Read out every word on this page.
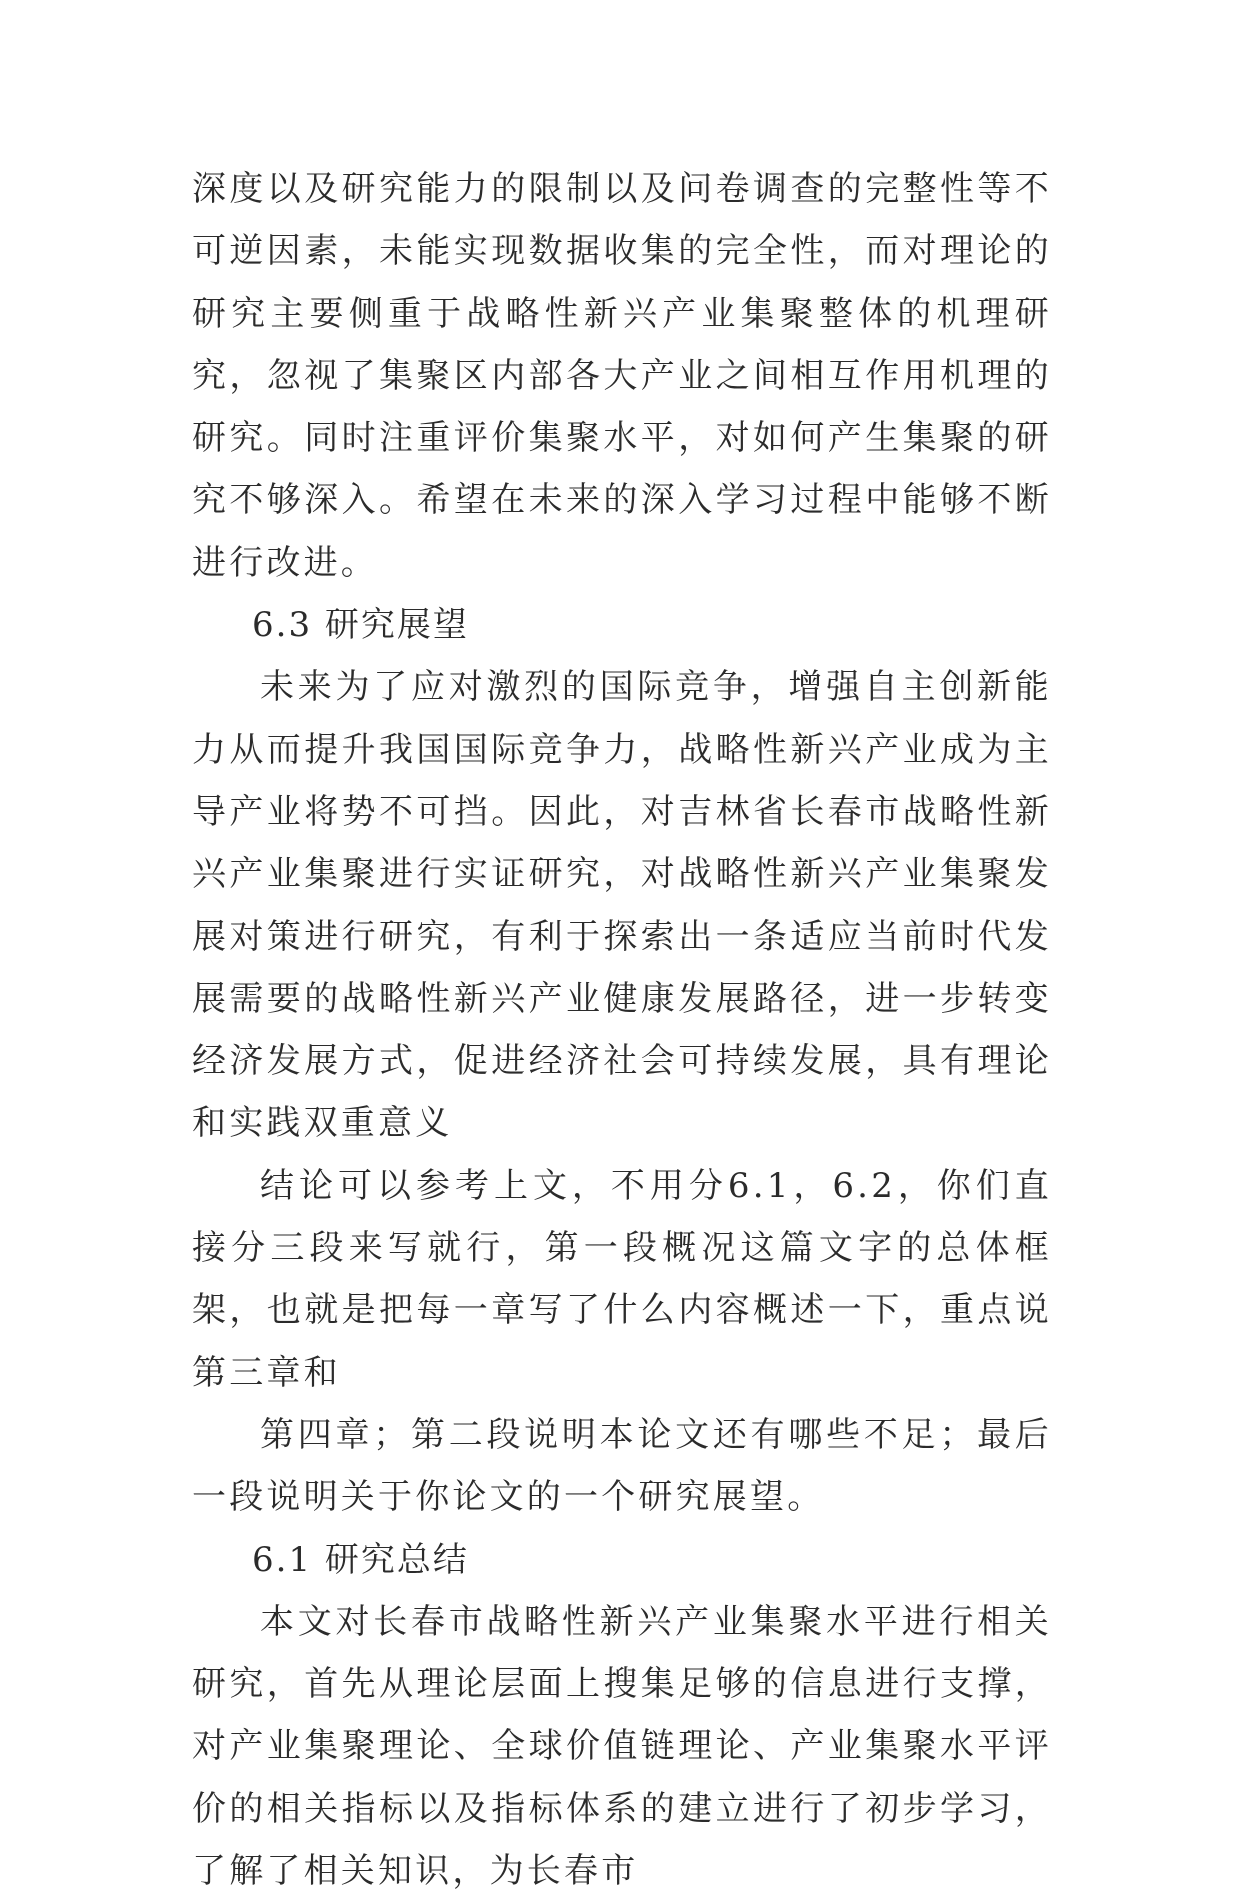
深度以及研究能力的限制以及问卷调查的完整性等不可逆因素，未能实现数据收集的完全性，而对理论的研究主要侧重于战略性新兴产业集聚整体的机理研究，忽视了集聚区内部各大产业之间相互作用机理的研究。同时注重评价集聚水平，对如何产生集聚的研究不够深入。希望在未来的深入学习过程中能够不断进行改进。

6.3 研究展望

未来为了应对激烈的国际竞争，增强自主创新能力从而提升我国国际竞争力，战略性新兴产业成为主导产业将势不可挡。因此，对吉林省长春市战略性新兴产业集聚进行实证研究，对战略性新兴产业集聚发展对策进行研究，有利于探索出一条适应当前时代发展需要的战略性新兴产业健康发展路径，进一步转变经济发展方式，促进经济社会可持续发展，具有理论和实践双重意义

结论可以参考上文，不用分6.1，6.2，你们直接分三段来写就行，第一段概况这篇文字的总体框架，也就是把每一章写了什么内容概述一下，重点说第三章和

第四章；第二段说明本论文还有哪些不足；最后一段说明关于你论文的一个研究展望。

6.1 研究总结

本文对长春市战略性新兴产业集聚水平进行相关研究，首先从理论层面上搜集足够的信息进行支撑，对产业集聚理论、全球价值链理论、产业集聚水平评价的相关指标以及指标体系的建立进行了初步学习，了解了相关知识，为长春市
